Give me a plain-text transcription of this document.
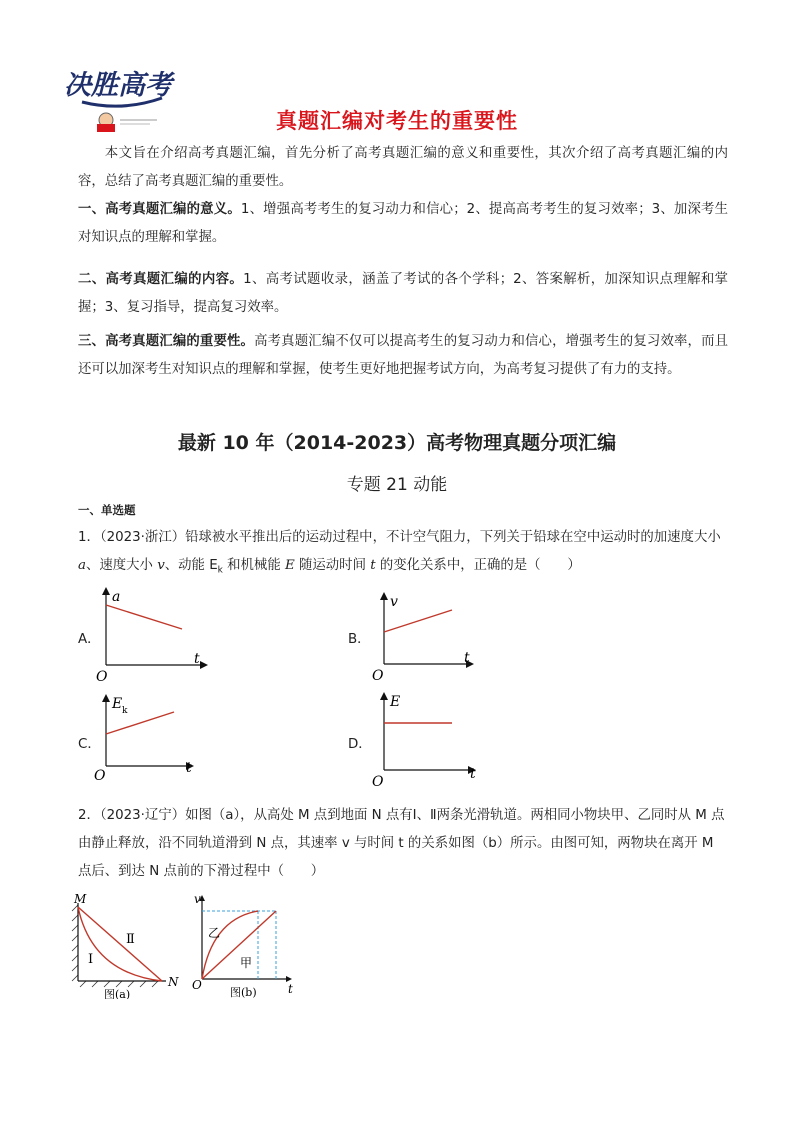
决胜高考
真题汇编对考生的重要性
本文旨在介绍高考真题汇编，首先分析了高考真题汇编的意义和重要性，其次介绍了高考真题汇编的内容，总结了高考真题汇编的重要性。
一、高考真题汇编的意义。1、增强高考考生的复习动力和信心；2、提高高考考生的复习效率；3、加深考生对知识点的理解和掌握。
二、高考真题汇编的内容。1、高考试题收录，涵盖了考试的各个学科；2、答案解析，加深知识点理解和掌握；3、复习指导，提高复习效率。
三、高考真题汇编的重要性。高考真题汇编不仅可以提高考生的复习动力和信心，增强考生的复习效率，而且还可以加深考生对知识点的理解和掌握，使考生更好地把握考试方向，为高考复习提供了有力的支持。
最新 10 年（2014-2023）高考物理真题分项汇编
专题 21 动能
一、单选题
1．（2023·浙江）铅球被水平推出后的运动过程中，不计空气阻力，下列关于铅球在空中运动时的加速度大小 a、速度大小 v、动能 $E_k$ 和机械能 E 随运动时间 t 的变化关系中，正确的是（　　）
A．
a
t
O
B．
v
t
O
C．
E k
t
O
D．
E
t
O
2．（2023·辽宁）如图（a），从高处 M 点到地面 N 点有Ⅰ、Ⅱ两条光滑轨道。两相同小物块甲、乙同时从 M 点由静止释放，沿不同轨道滑到 N 点，其速率 v 与时间 t 的关系如图（b）所示。由图可知，两物块在离开 M 点后、到达 N 点前的下滑过程中（　　）
M
N
Ⅰ
Ⅱ
图(a)
v
t
O
乙
甲
图(b)
